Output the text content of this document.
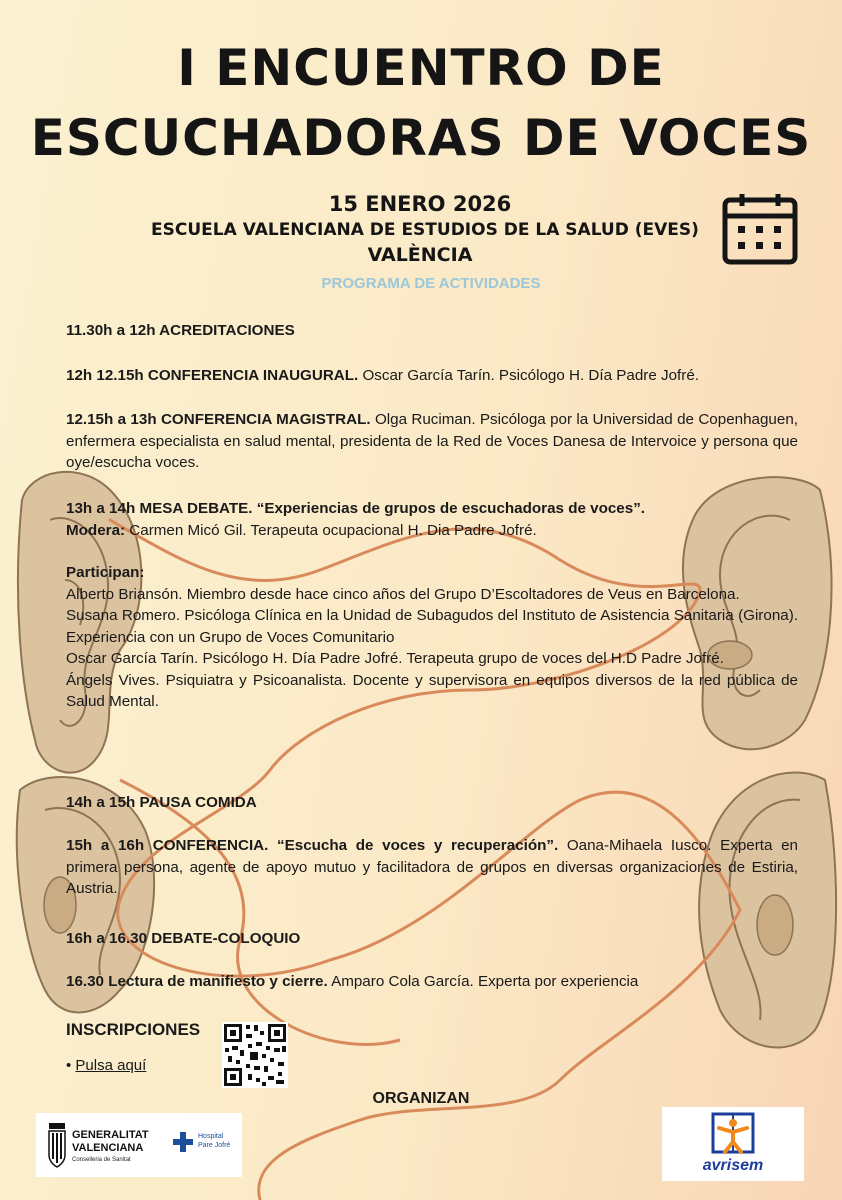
I ENCUENTRO DE
ESCUCHADORAS DE VOCES
15 ENERO 2026
ESCUELA VALENCIANA DE ESTUDIOS DE LA SALUD (EVES)
VALÈNCIA
PROGRAMA DE ACTIVIDADES

11.30h a 12h ACREDITACIONES

12h 12.15h CONFERENCIA INAUGURAL. Oscar García Tarín. Psicólogo H. Día Padre Jofré.

12.15h a 13h CONFERENCIA MAGISTRAL. Olga Ruciman. Psicóloga por la Universidad de Copenhaguen, enfermera especialista en salud mental, presidenta de la Red de Voces Danesa de Intervoice y persona que oye/escucha voces.

13h a 14h MESA DEBATE. “Experiencias de grupos de escuchadoras de voces”.

Modera: Carmen Micó Gil. Terapeuta ocupacional H. Dia Padre Jofré.

Participan:

Alberto Briansón. Miembro desde hace cinco años del Grupo D’Escoltadores de Veus en Barcelona.

Susana Romero. Psicóloga Clínica en la Unidad de Subagudos del Instituto de Asistencia Sanitaria (Girona). Experiencia con un Grupo de Voces Comunitario

Oscar García Tarín. Psicólogo H. Día Padre Jofré. Terapeuta grupo de voces del H.D Padre Jofré.

Ángels Vives. Psiquiatra y Psicoanalista. Docente y supervisora en equipos diversos de la red pública de Salud Mental.

14h a 15h PAUSA COMIDA

15h a 16h CONFERENCIA. “Escucha de voces y recuperación”. Oana-Mihaela Iusco. Experta en primera persona, agente de apoyo mutuo y facilitadora de grupos en diversas organizaciones de Estiria, Austria.

16h a 16.30 DEBATE-COLOQUIO

16.30 Lectura de manifiesto y cierre. Amparo Cola García. Experta por experiencia

INSCRIPCIONES
• Pulsa aquí
ORGANIZAN
GENERALITAT
VALENCIANA
Conselleria de Sanitat
Hospital
Pare Jofré
avrisem
